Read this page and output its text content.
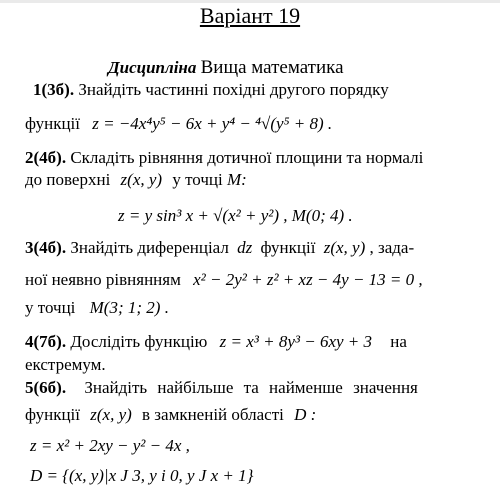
Варіант 19
Дисципліна Вища математика
1(3б). Знайдіть частинні похідні другого порядку
функції z = −4x⁴y⁵ − 6x + y⁴ − ⁴√(y⁵ + 8) .
2(4б). Складіть рівняння дотичної площини та нормалі
до поверхні z(x, y) у точці M:
z = y sin³ x + √(x² + y²) , M(0; 4) .
3(4б). Знайдіть диференціал dz функції z(x, y) , зада-
ної неявно рівнянням x² − 2y² + z² + xz − 4y − 13 = 0 ,
у точці M(3; 1; 2) .
4(7б). Дослідіть функцію z = x³ + 8y³ − 6xy + 3 на
екстремум.
5(6б). Знайдіть найбільше та найменше значення
функції z(x, y) в замкненій області D :
z = x² + 2xy − y² − 4x ,
D = {(x, y)|x J 3, y i 0, y J x + 1}
